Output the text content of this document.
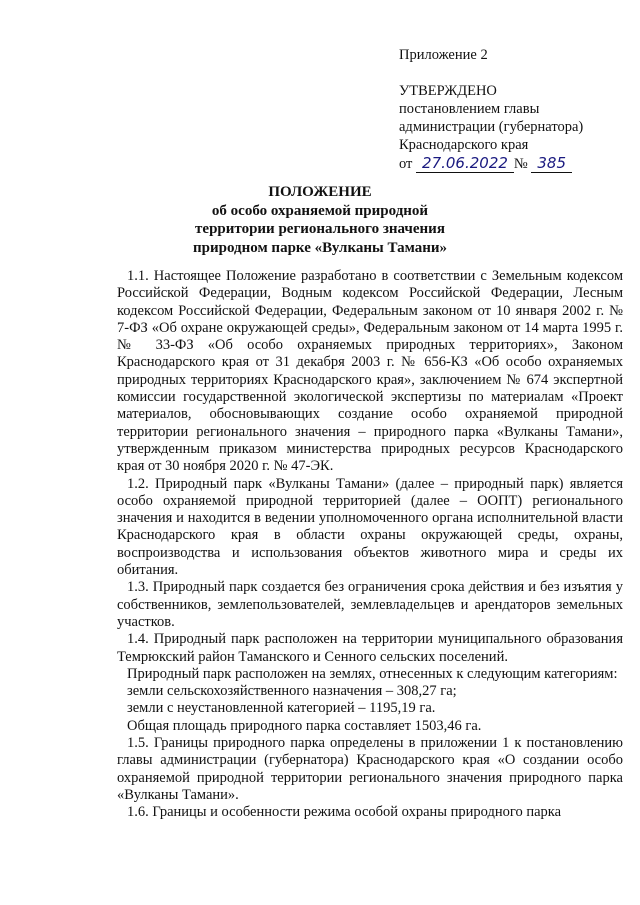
Приложение 2
УТВЕРЖДЕНО
постановлением главы
администрации (губернатора)
Краснодарского края
от 27.06.2022 № 385
ПОЛОЖЕНИЕ
об особо охраняемой природной
территории регионального значения
природном парке «Вулканы Тамани»

1.1. Настоящее Положение разработано в соответствии с Земельным кодексом Российской Федерации, Водным кодексом Российской Федерации, Лесным кодексом Российской Федерации, Федеральным законом от 10 января 2002 г. № 7-ФЗ «Об охране окружающей среды», Федеральным законом от 14 марта 1995 г. № 33-ФЗ «Об особо охраняемых природных территориях», Законом Краснодарского края от 31 декабря 2003 г. № 656-КЗ «Об особо охраняемых природных территориях Краснодарского края», заключением № 674 экспертной комиссии государственной экологической экспертизы по материалам «Проект материалов, обосновывающих создание особо охраняемой природной территории регионального значения – природного парка «Вулканы Тамани», утвержденным приказом министерства природных ресурсов Краснодарского края от 30 ноября 2020 г. № 47-ЭК.

1.2. Природный парк «Вулканы Тамани» (далее – природный парк) является особо охраняемой природной территорией (далее – ООПТ) регионального значения и находится в ведении уполномоченного органа исполнительной власти Краснодарского края в области охраны окружающей среды, охраны, воспроизводства и использования объектов животного мира и среды их обитания.

1.3. Природный парк создается без ограничения срока действия и без изъятия у собственников, землепользователей, землевладельцев и арендаторов земельных участков.

1.4. Природный парк расположен на территории муниципального образования Темрюкский район Таманского и Сенного сельских поселений.

Природный парк расположен на землях, отнесенных к следующим категориям:

земли сельскохозяйственного назначения – 308,27 га;

земли с неустановленной категорией – 1195,19 га.

Общая площадь природного парка составляет 1503,46 га.

1.5. Границы природного парка определены в приложении 1 к постановлению главы администрации (губернатора) Краснодарского края «О создании особо охраняемой природной территории регионального значения природного парка «Вулканы Тамани».

1.6. Границы и особенности режима особой охраны природного парка
